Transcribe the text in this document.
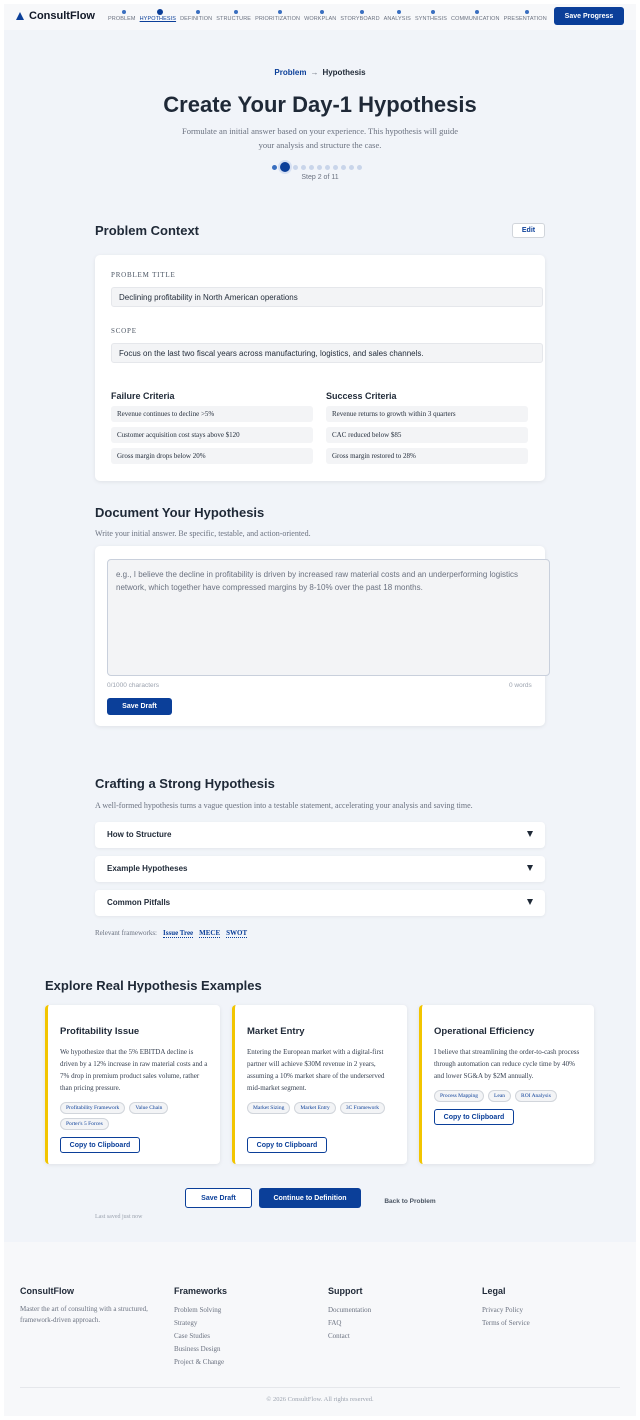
ConsultFlow PROBLEM HYPOTHESIS DEFINITION STRUCTURE PRIORITIZATION WORKPLAN STORYBOARD ANALYSIS SYNTHESIS COMMUNICATION PRESENTATION	Save Progress
Problem → Hypothesis
Create Your Day-1 Hypothesis
Formulate an initial answer based on your experience. This hypothesis will guide your analysis and structure the case.
Step 2 of 11
Problem Context	Edit
PROBLEM TITLE
Declining profitability in North American operations
SCOPE
Focus on the last two fiscal years across manufacturing, logistics, and sales channels.
Failure Criteria
Revenue continues to decline >5%
Customer acquisition cost stays above $120
Gross margin drops below 20%
Success Criteria
Revenue returns to growth within 3 quarters
CAC reduced below $85
Gross margin restored to 28%
Document Your Hypothesis
Write your initial answer. Be specific, testable, and action-oriented.
e.g., I believe the decline in profitability is driven by increased raw material costs and an underperforming logistics network, which together have compressed margins by 8-10% over the past 18 months.
0/1000 characters	0 words
Save Draft
Crafting a Strong Hypothesis
A well-formed hypothesis turns a vague question into a testable statement, accelerating your analysis and saving time.
How to Structure
Example Hypotheses
Common Pitfalls
Relevant frameworks: Issue Tree MECE SWOT
Explore Real Hypothesis Examples
Profitability Issue
We hypothesize that the 5% EBITDA decline is driven by a 12% increase in raw material costs and a 7% drop in premium product sales volume, rather than pricing pressure.
Profitability Framework	Value Chain
Porter's 5 Forces
Copy to Clipboard
Market Entry
Entering the European market with a digital-first partner will achieve $30M revenue in 2 years, assuming a 10% market share of the underserved mid-market segment.
Market Sizing	Market Entry	3C Framework
Copy to Clipboard
Operational Efficiency
I believe that streamlining the order-to-cash process through automation can reduce cycle time by 40% and lower SG&A by $2M annually.
Process Mapping	Lean	ROI Analysis
Copy to Clipboard
Save Draft	Continue to Definition	Back to Problem
Last saved just now
ConsultFlow
Master the art of consulting with a structured, framework-driven approach.
Frameworks
Problem Solving
Strategy
Case Studies
Business Design
Project & Change
Support
Documentation
FAQ
Contact
Legal
Privacy Policy
Terms of Service
© 2026 ConsultFlow. All rights reserved.
